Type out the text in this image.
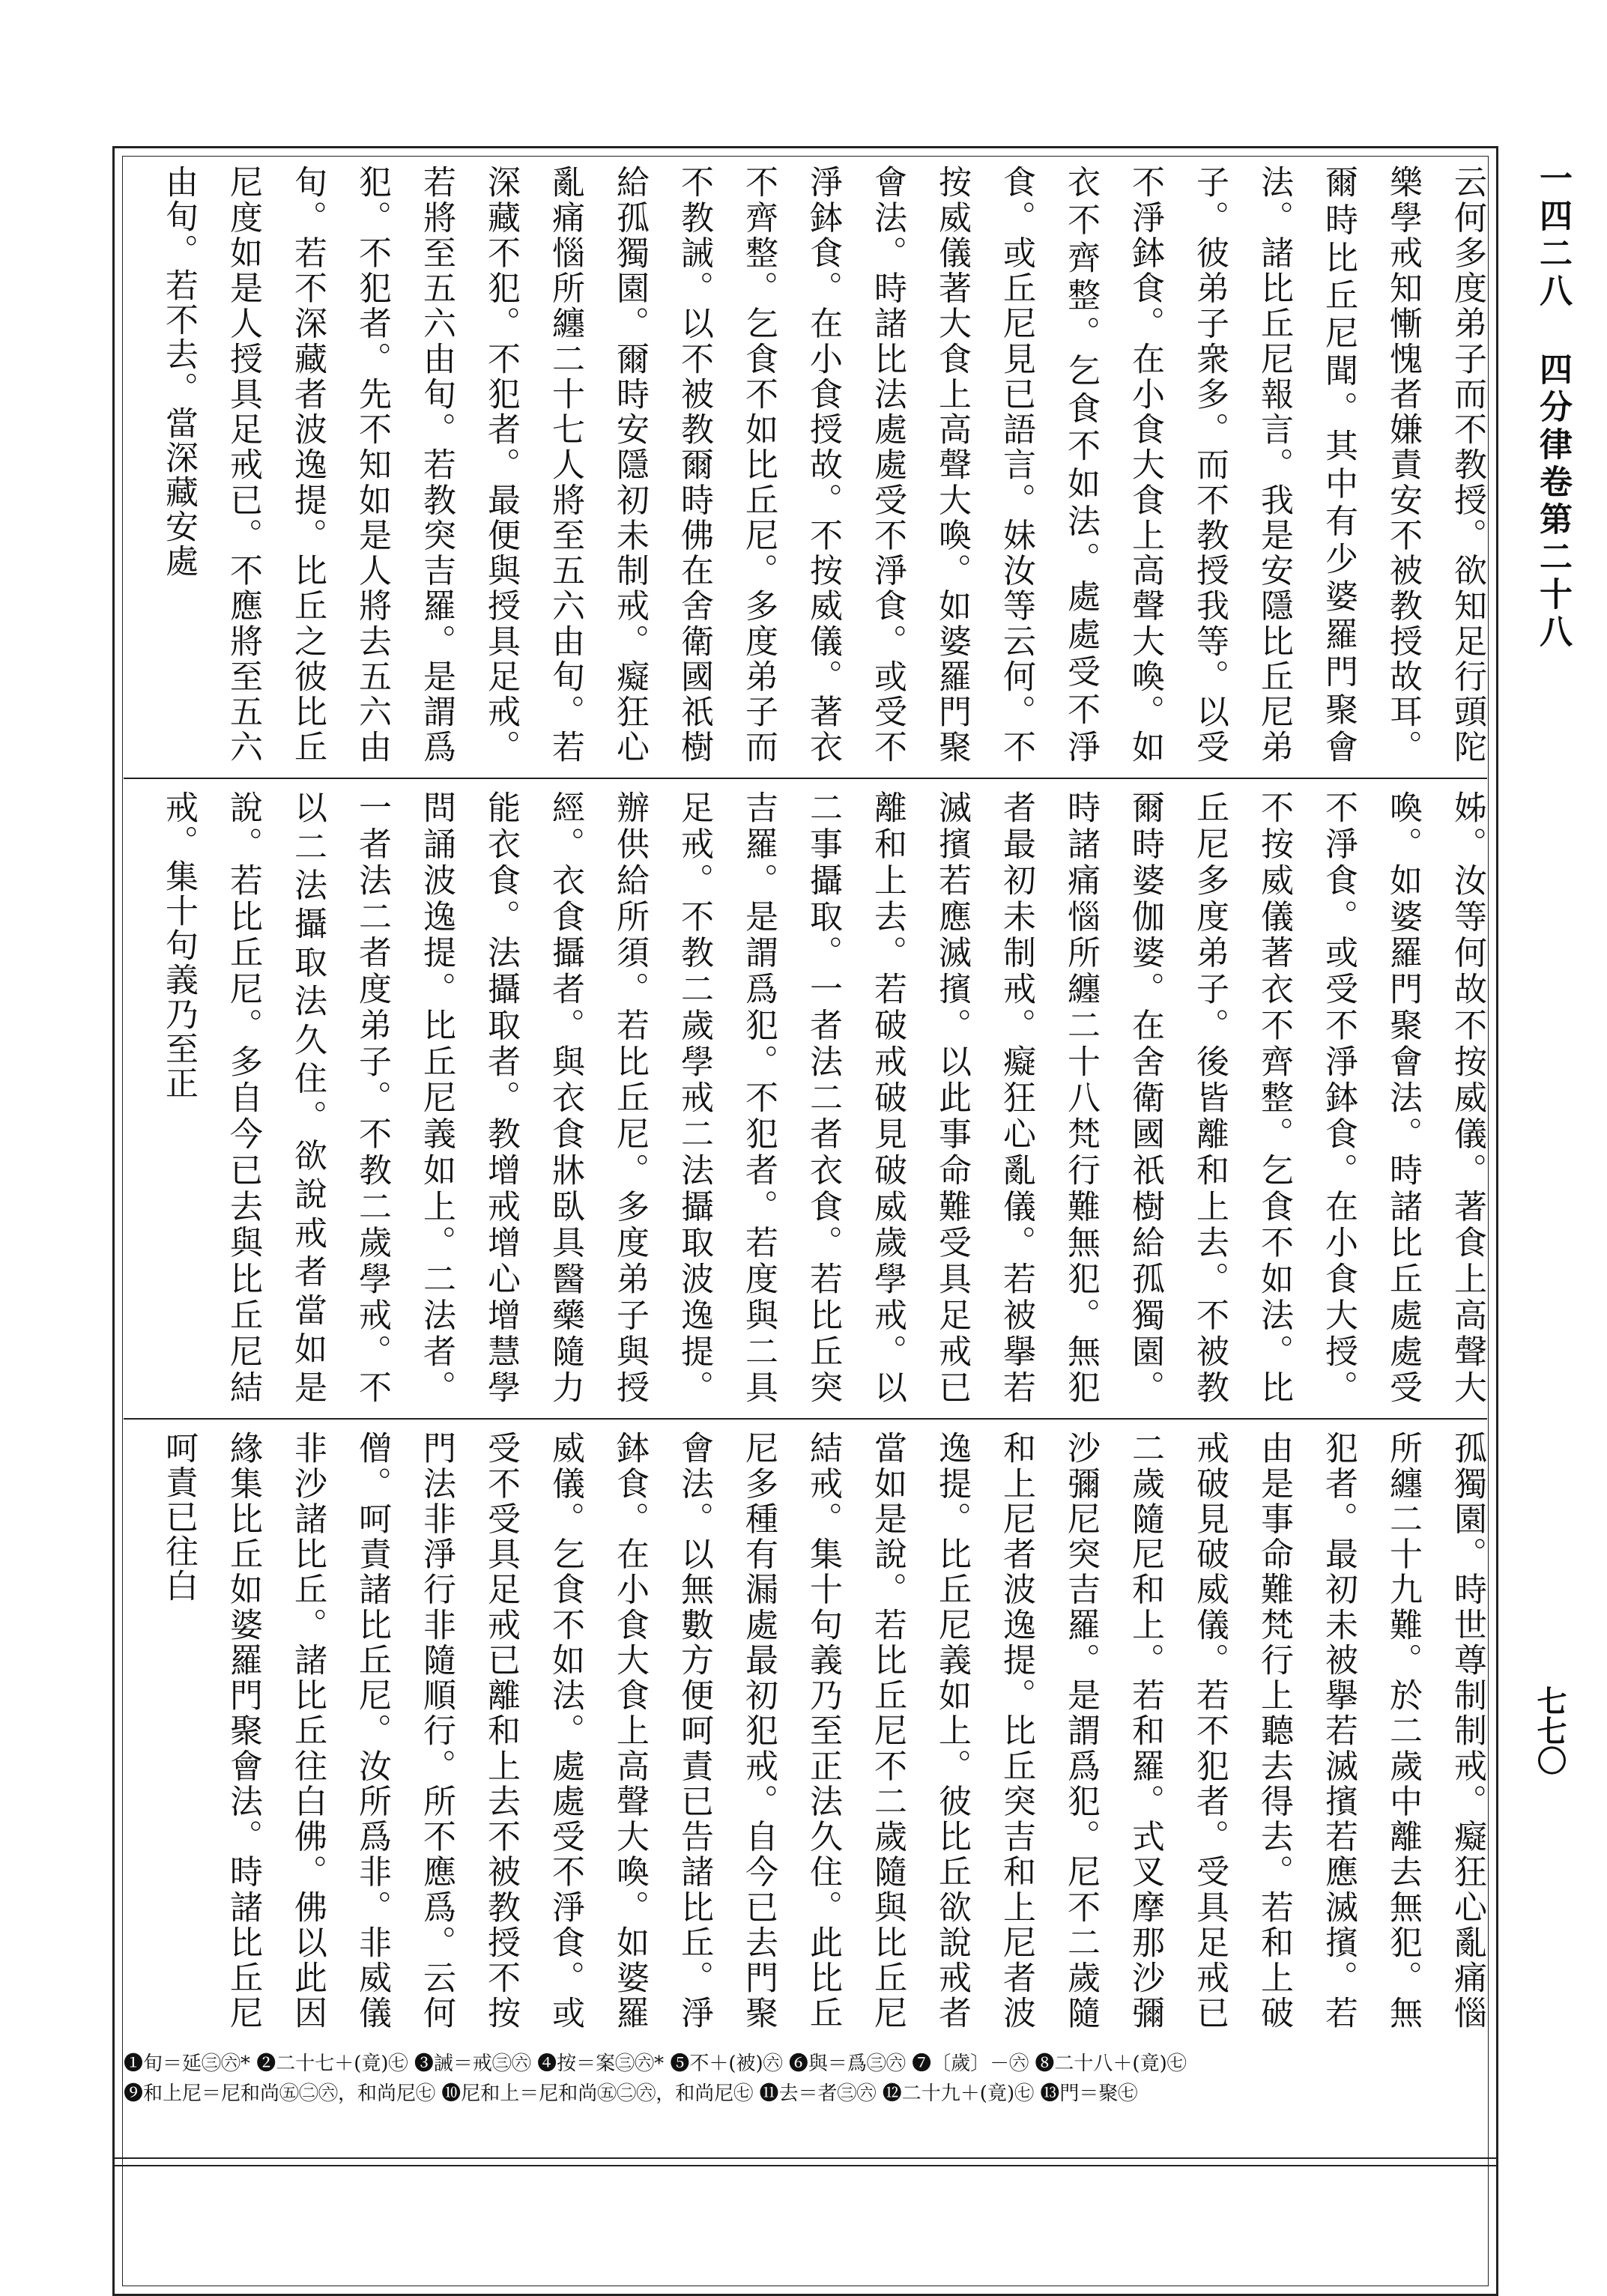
一四二八
四分律卷第二十八
七七〇

云何多度弟子而不教授。欲知足行頭陀樂學戒知慚愧者嫌責安不被教授故耳。爾時比丘尼聞。其中有少婆羅門聚會法。諸比丘尼報言。我是安隱比丘尼弟子。彼弟子衆多。而不教授我等。以受不淨鉢食。在小食大食上高聲大喚。如衣不齊整。乞食不如法。處處受不淨食。或丘尼見已語言。妹汝等云何。不按威儀著大食上高聲大喚。如婆羅門聚會法。時諸比法處處受不淨食。或受不淨鉢食。在小食授故。不按威儀。著衣不齊整。乞食不如比丘尼。多度弟子而不教誡。以不被教爾時佛在舍衛國祇樹給孤獨園。爾時安隱初未制戒。癡狂心亂痛惱所纏二十七人將至五六由旬。若深藏不犯。不犯者。最便與授具足戒。若將至五六由旬。若教突吉羅。是謂爲犯。不犯者。先不知如是人將去五六由旬。若不深藏者波逸提。比丘之彼比丘尼度如是人授具足戒已。不應將至五六由旬。若不去。當深藏安處

姊。汝等何故不按威儀。著食上高聲大喚。如婆羅門聚會法。時諸比丘處處受不淨食。或受不淨鉢食。在小食大授。不按威儀著衣不齊整。乞食不如法。比丘尼多度弟子。後皆離和上去。不被教爾時婆伽婆。在舍衛國祇樹給孤獨園。時諸痛惱所纏二十八梵行難無犯。無犯者最初未制戒。癡狂心亂儀。若被擧若滅擯若應滅擯。以此事命難受具足戒已離和上去。若破戒破見破威歲學戒。以二事攝取。一者法二者衣食。若比丘突吉羅。是謂爲犯。不犯者。若度與二具足戒。不教二歲學戒二法攝取波逸提。辦供給所須。若比丘尼。多度弟子與授經。衣食攝者。與衣食牀臥具醫藥隨力能衣食。法攝取者。教增戒增心增慧學問誦波逸提。比丘尼義如上。二法者。一者法二者度弟子。不教二歲學戒。不以二法攝取法久住。欲說戒者當如是說。若比丘尼。多自今已去與比丘尼結戒。集十句義乃至正

孤獨園。時世尊制制戒。癡狂心亂痛惱所纏二十九難。於二歲中離去無犯。無犯者。最初未被擧若滅擯若應滅擯。若由是事命難梵行上聽去得去。若和上破戒破見破威儀。若不犯者。受具足戒已二歲隨尼和上。若和羅。式叉摩那沙彌沙彌尼突吉羅。是謂爲犯。尼不二歲隨和上尼者波逸提。比丘突吉和上尼者波逸提。比丘尼義如上。彼比丘欲說戒者當如是說。若比丘尼不二歲隨與比丘尼結戒。集十句義乃至正法久住。此比丘尼多種有漏處最初犯戒。自今已去門聚會法。以無數方便呵責已告諸比丘。淨鉢食。在小食大食上高聲大喚。如婆羅威儀。乞食不如法。處處受不淨食。或受不受具足戒已離和上去不被教授不按門法非淨行非隨順行。所不應爲。云何僧。呵責諸比丘尼。汝所爲非。非威儀非沙諸比丘。諸比丘往白佛。佛以此因緣集比丘如婆羅門聚會法。時諸比丘尼呵責已往白

❶旬＝延㊂㊅* ❷二十七＋(竟)㊆ ❸誡＝戒㊂㊅ ❹按＝案㊂㊅* ❺不＋(被)㊅ ❻與＝爲㊂㊅ ❼〔歲〕－㊅ ❽二十八＋(竟)㊆

❾和上尼＝尼和尚㊄㊁㊅，和尚尼㊆ ❿尼和上＝尼和尚㊄㊁㊅，和尚尼㊆ ⓫去＝者㊂㊅ ⓬二十九＋(竟)㊆ ⓭門＝聚㊆
